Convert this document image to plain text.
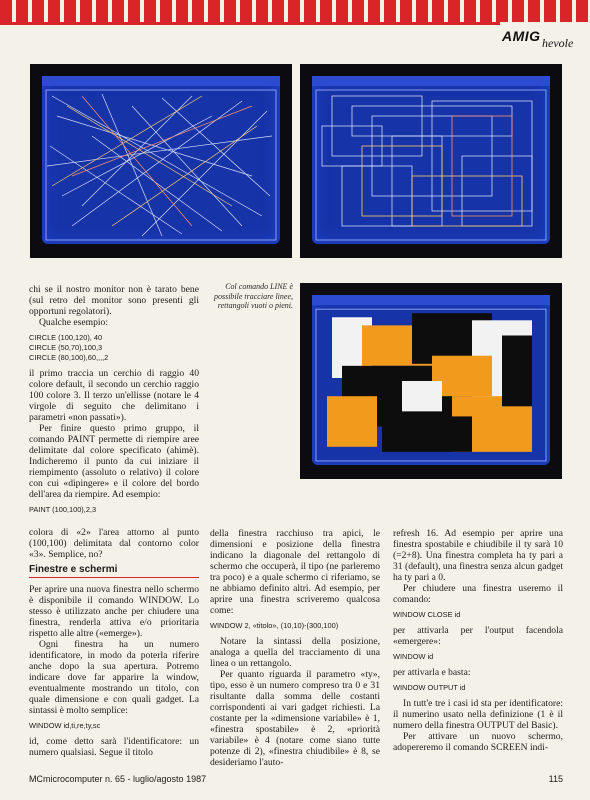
AMIG hevole
Col comando LINE è possibile tracciare linee, rettangoli vuoti o pieni.

chi se il nostro monitor non è tarato bene (sul retro del monitor sono presenti gli opportuni regolatori).

Qualche esempio:

CIRCLE (100,120), 40
CIRCLE (50,70),100,3
CIRCLE (80,100),60,,,,2

il primo traccia un cerchio di raggio 40 colore default, il secondo un cerchio raggio 100 colore 3. Il terzo un'ellisse (notare le 4 virgole di seguito che delimitano i parametri «non passati»).

Per finire questo primo gruppo, il comando PAINT permette di riempire aree delimitate dal colore specificato (ahimè). Indicheremo il punto da cui iniziare il riempimento (assoluto o relativo) il colore con cui «dipingere» e il colore del bordo dell'area da riempire. Ad esempio:

PAINT (100,100),2,3

colora di «2» l'area attorno al punto (100,100) delimitata dal contorno color «3». Semplice, no?

Finestre e schermi

Per aprire una nuova finestra nello schermo è disponibile il comando WINDOW. Lo stesso è utilizzato anche per chiudere una finestra, renderla attiva e/o prioritaria rispetto alle altre («emerge»).

Ogni finestra ha un numero identificatore, in modo da poterla riferire anche dopo la sua apertura. Potremo indicare dove far apparire la window, eventualmente mostrando un titolo, con quale dimensione e con quali gadget. La sintassi è molto semplice:

WINDOW id,ti,re,ty,sc

id, come detto sarà l'identificatore: un numero qualsiasi. Segue il titolo

della finestra racchiuso tra apici, le dimensioni e posizione della finestra indicano la diagonale del rettangolo di schermo che occuperà, il tipo (ne parleremo tra poco) e a quale schermo ci riferiamo, se ne abbiamo definito altri. Ad esempio, per aprire una finestra scriveremo qualcosa come:

WINDOW 2, «titolo», (10,10)-(300,100)

Notare la sintassi della posizione, analoga a quella del tracciamento di una linea o un rettangolo.

Per quanto riguarda il parametro «ty», tipo, esso è un numero compreso tra 0 e 31 risultante dalla somma delle costanti corrispondenti ai vari gadget richiesti. La costante per la «dimensione variabile» è 1, «finestra spostabile» è 2, «priorità variabile» è 4 (notare come siano tutte potenze di 2), «finestra chiudibile» è 8, se desideriamo l'auto-

refresh 16. Ad esempio per aprire una finestra spostabile e chiudibile il ty sarà 10 (=2+8). Una finestra completa ha ty pari a 31 (default), una finestra senza alcun gadget ha ty pari a 0.

Per chiudere una finestra useremo il comando:

WINDOW CLOSE id

per attivarla per l'output facendola «emergere»:

WINDOW id

per attivarla e basta:

WINDOW OUTPUT id

In tutt'e tre i casi id sta per identificatore: il numerino usato nella definizione (1 è il numero della finestra OUTPUT del Basic).

Per attivare un nuovo schermo, adopereremo il comando SCREEN indi-

MCmicrocomputer n. 65 - luglio/agosto 1987	115
